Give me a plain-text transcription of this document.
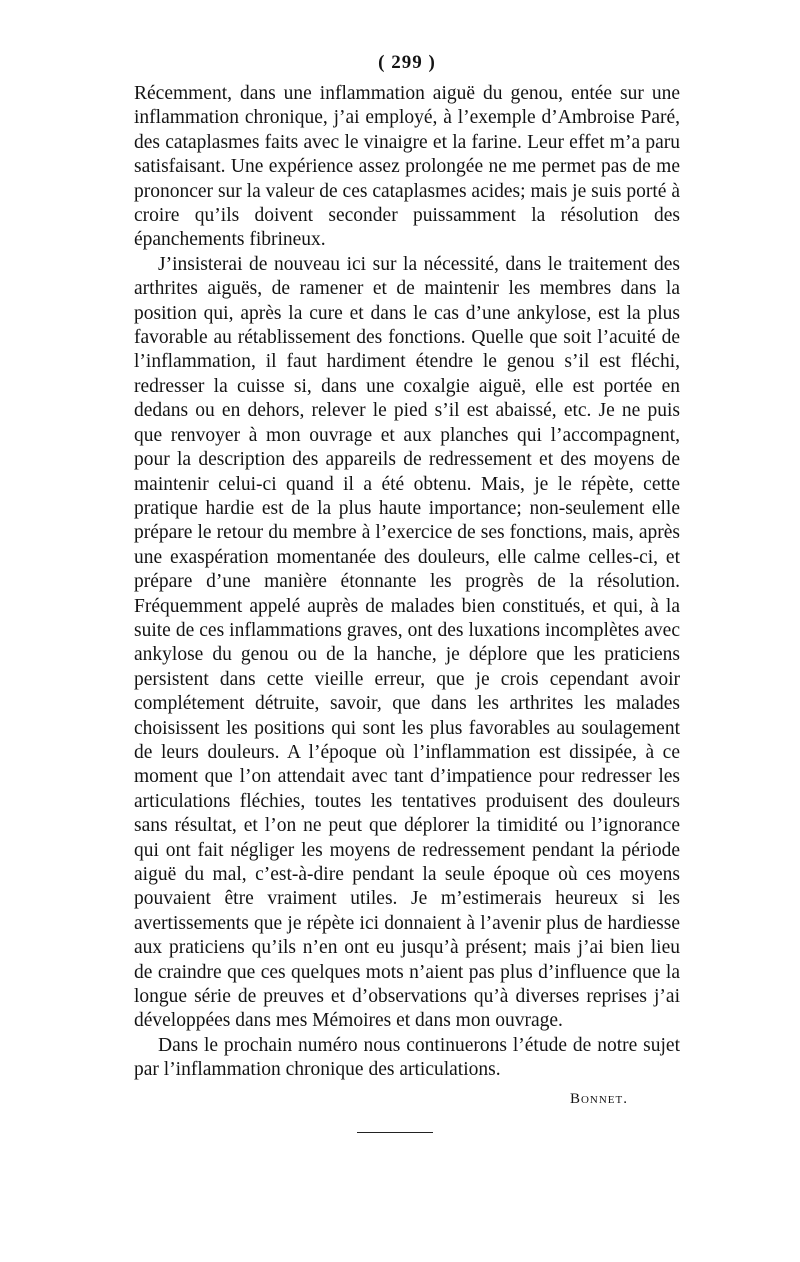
( 299 )

Récemment, dans une inflammation aiguë du genou, entée sur une inflammation chronique, j’ai employé, à l’exemple d’Ambroise Paré, des cataplasmes faits avec le vinaigre et la farine. Leur effet m’a paru satisfaisant. Une expérience assez prolongée ne me permet pas de me prononcer sur la valeur de ces cataplasmes acides; mais je suis porté à croire qu’ils doivent seconder puissamment la résolution des épanchements fibrineux.

J’insisterai de nouveau ici sur la nécessité, dans le traitement des arthrites aiguës, de ramener et de maintenir les membres dans la position qui, après la cure et dans le cas d’une ankylose, est la plus favorable au rétablissement des fonctions. Quelle que soit l’acuité de l’inflammation, il faut hardiment étendre le genou s’il est fléchi, redresser la cuisse si, dans une coxalgie aiguë, elle est portée en dedans ou en dehors, relever le pied s’il est abaissé, etc. Je ne puis que renvoyer à mon ouvrage et aux planches qui l’accompagnent, pour la description des appareils de redressement et des moyens de maintenir celui-ci quand il a été obtenu. Mais, je le répète, cette pratique hardie est de la plus haute importance; non-seulement elle prépare le retour du membre à l’exercice de ses fonctions, mais, après une exaspération momentanée des douleurs, elle calme celles-ci, et prépare d’une manière étonnante les progrès de la résolution. Fréquemment appelé auprès de malades bien constitués, et qui, à la suite de ces inflammations graves, ont des luxations incomplètes avec ankylose du genou ou de la hanche, je déplore que les praticiens persistent dans cette vieille erreur, que je crois cependant avoir complétement détruite, savoir, que dans les arthrites les malades choisissent les positions qui sont les plus favorables au soulagement de leurs douleurs. A l’époque où l’inflammation est dissipée, à ce moment que l’on attendait avec tant d’impatience pour redresser les articulations fléchies, toutes les tentatives produisent des douleurs sans résultat, et l’on ne peut que déplorer la timidité ou l’ignorance qui ont fait négliger les moyens de redressement pendant la période aiguë du mal, c’est-à-dire pendant la seule époque où ces moyens pouvaient être vraiment utiles. Je m’estimerais heureux si les avertissements que je répète ici donnaient à l’avenir plus de hardiesse aux praticiens qu’ils n’en ont eu jusqu’à présent; mais j’ai bien lieu de craindre que ces quelques mots n’aient pas plus d’influence que la longue série de preuves et d’observations qu’à diverses reprises j’ai développées dans mes Mémoires et dans mon ouvrage.

Dans le prochain numéro nous continuerons l’étude de notre sujet par l’inflammation chronique des articulations.

Bonnet.
